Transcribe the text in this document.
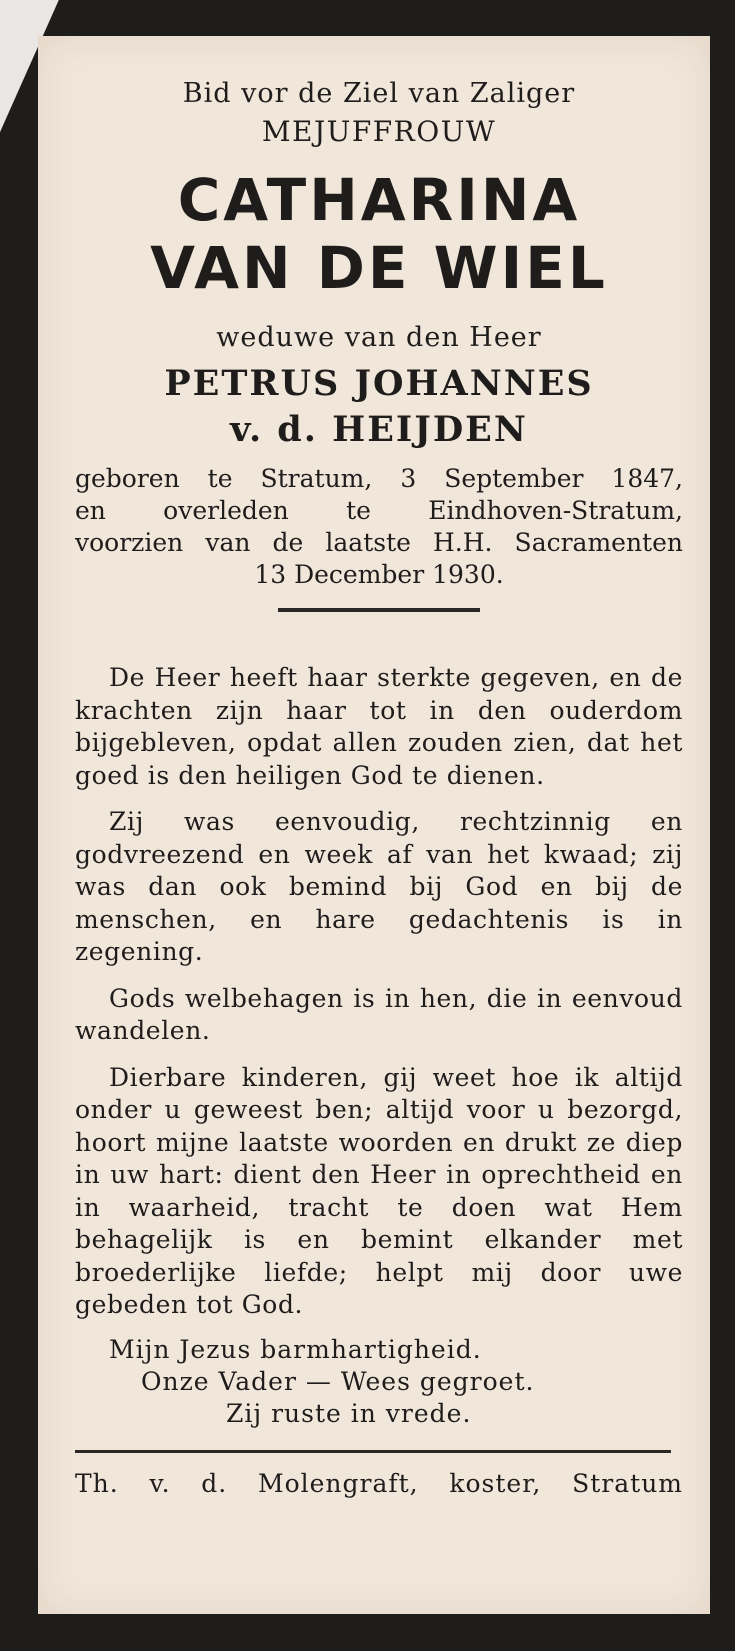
Bid vor de Ziel van Zaliger
MEJUFFROUW
CATHARINA
VAN DE WIEL
weduwe van den Heer
PETRUS JOHANNES
v. d. HEIJDEN
geboren te Stratum, 3 September 1847,
en overleden te Eindhoven-Stratum,
voorzien van de laatste H.H. Sacramenten
13 December 1930.

De Heer heeft haar sterkte gegeven, en de krachten zijn haar tot in den ouderdom bijgebleven, opdat allen zouden zien, dat het goed is den heiligen God te dienen.

Zij was eenvoudig, rechtzinnig en godvreezend en week af van het kwaad; zij was dan ook bemind bij God en bij de menschen, en hare gedachtenis is in zegening.

Gods welbehagen is in hen, die in eenvoud wandelen.

Dierbare kinderen, gij weet hoe ik altijd onder u geweest ben; altijd voor u bezorgd, hoort mijne laatste woorden en drukt ze diep in uw hart: dient den Heer in oprechtheid en in waarheid, tracht te doen wat Hem behagelijk is en bemint elkander met broederlijke liefde; helpt mij door uwe gebeden tot God.

Mijn Jezus barmhartigheid.
Onze Vader — Wees gegroet.
Zij ruste in vrede.
Th. v. d. Molengraft, koster, Stratum
